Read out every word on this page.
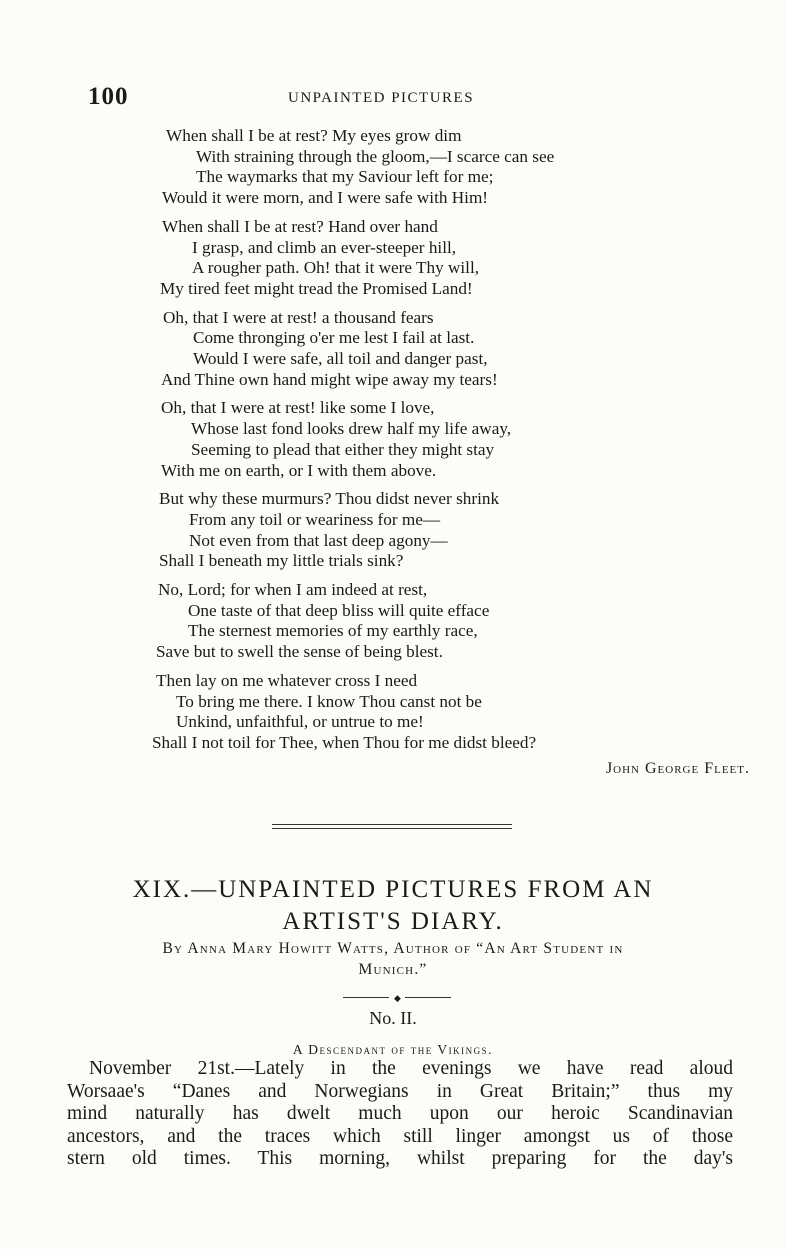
100	UNPAINTED PICTURES
When shall I be at rest? My eyes grow dim
With straining through the gloom,—I scarce can see
The waymarks that my Saviour left for me;
Would it were morn, and I were safe with Him!
When shall I be at rest? Hand over hand
I grasp, and climb an ever-steeper hill,
A rougher path. Oh! that it were Thy will,
My tired feet might tread the Promised Land!
Oh, that I were at rest! a thousand fears
Come thronging o'er me lest I fail at last.
Would I were safe, all toil and danger past,
And Thine own hand might wipe away my tears!
Oh, that I were at rest! like some I love,
Whose last fond looks drew half my life away,
Seeming to plead that either they might stay
With me on earth, or I with them above.
But why these murmurs? Thou didst never shrink
From any toil or weariness for me—
Not even from that last deep agony—
Shall I beneath my little trials sink?
No, Lord; for when I am indeed at rest,
One taste of that deep bliss will quite efface
The sternest memories of my earthly race,
Save but to swell the sense of being blest.
Then lay on me whatever cross I need
To bring me there. I know Thou canst not be
Unkind, unfaithful, or untrue to me!
Shall I not toil for Thee, when Thou for me didst bleed?
John George Fleet.
XIX.—UNPAINTED PICTURES FROM AN
ARTIST'S DIARY.
By Anna Mary Howitt Watts, Author of “An Art Student in
Munich.”
◆
No. II.
A Descendant of the Vikings.
November 21st.—Lately in the evenings we have read aloud
Worsaae's “Danes and Norwegians in Great Britain;” thus my
mind naturally has dwelt much upon our heroic Scandinavian
ancestors, and the traces which still linger amongst us of those
stern old times. This morning, whilst preparing for the day's
